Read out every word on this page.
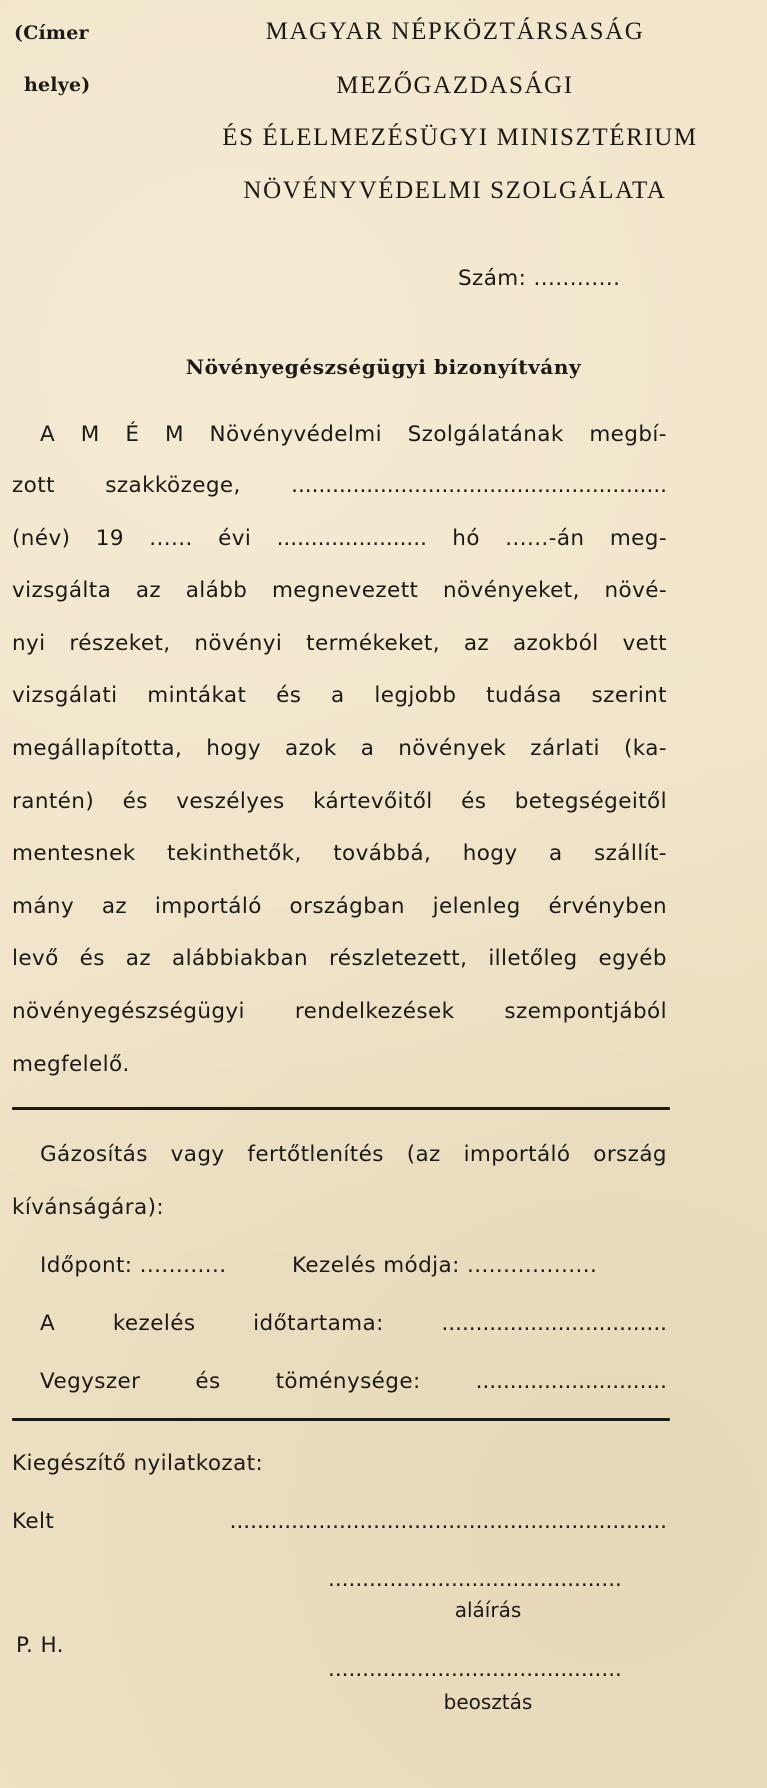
(Címer
helye)
MAGYAR NÉPKÖZTÁRSASÁG
MEZŐGAZDASÁGI
ÉS ÉLELMEZÉSÜGYI MINISZTÉRIUM
NÖVÉNYVÉDELMI SZOLGÁLATA
Szám: ............
Növényegészségügyi bizonyítvány
A M É M Növényvédelmi Szolgálatának megbí-
zott szakközege, .......................................................
(név) 19 ...... évi ...................... hó ......-án meg-
vizsgálta az alább megnevezett növényeket, növé-
nyi részeket, növényi termékeket, az azokból vett
vizsgálati mintákat és a legjobb tudása szerint
megállapította, hogy azok a növények zárlati (ka-
rantén) és veszélyes kártevőitől és betegségeitől
mentesnek tekinthetők, továbbá, hogy a szállít-
mány az importáló országban jelenleg érvényben
levő és az alábbiakban részletezett, illetőleg egyéb
növényegészségügyi rendelkezések szempontjából
megfelelő.
Gázosítás vagy fertőtlenítés (az importáló ország
kívánságára):
Időpont: ............	Kezelés módja: ..................
A	kezelés	időtartama:	.................................
Vegyszer	és	töménysége:	............................
Kiegészítő nyilatkozat:
Kelt	................................................................
...........................................
aláírás
P. H.
...........................................
beosztás
